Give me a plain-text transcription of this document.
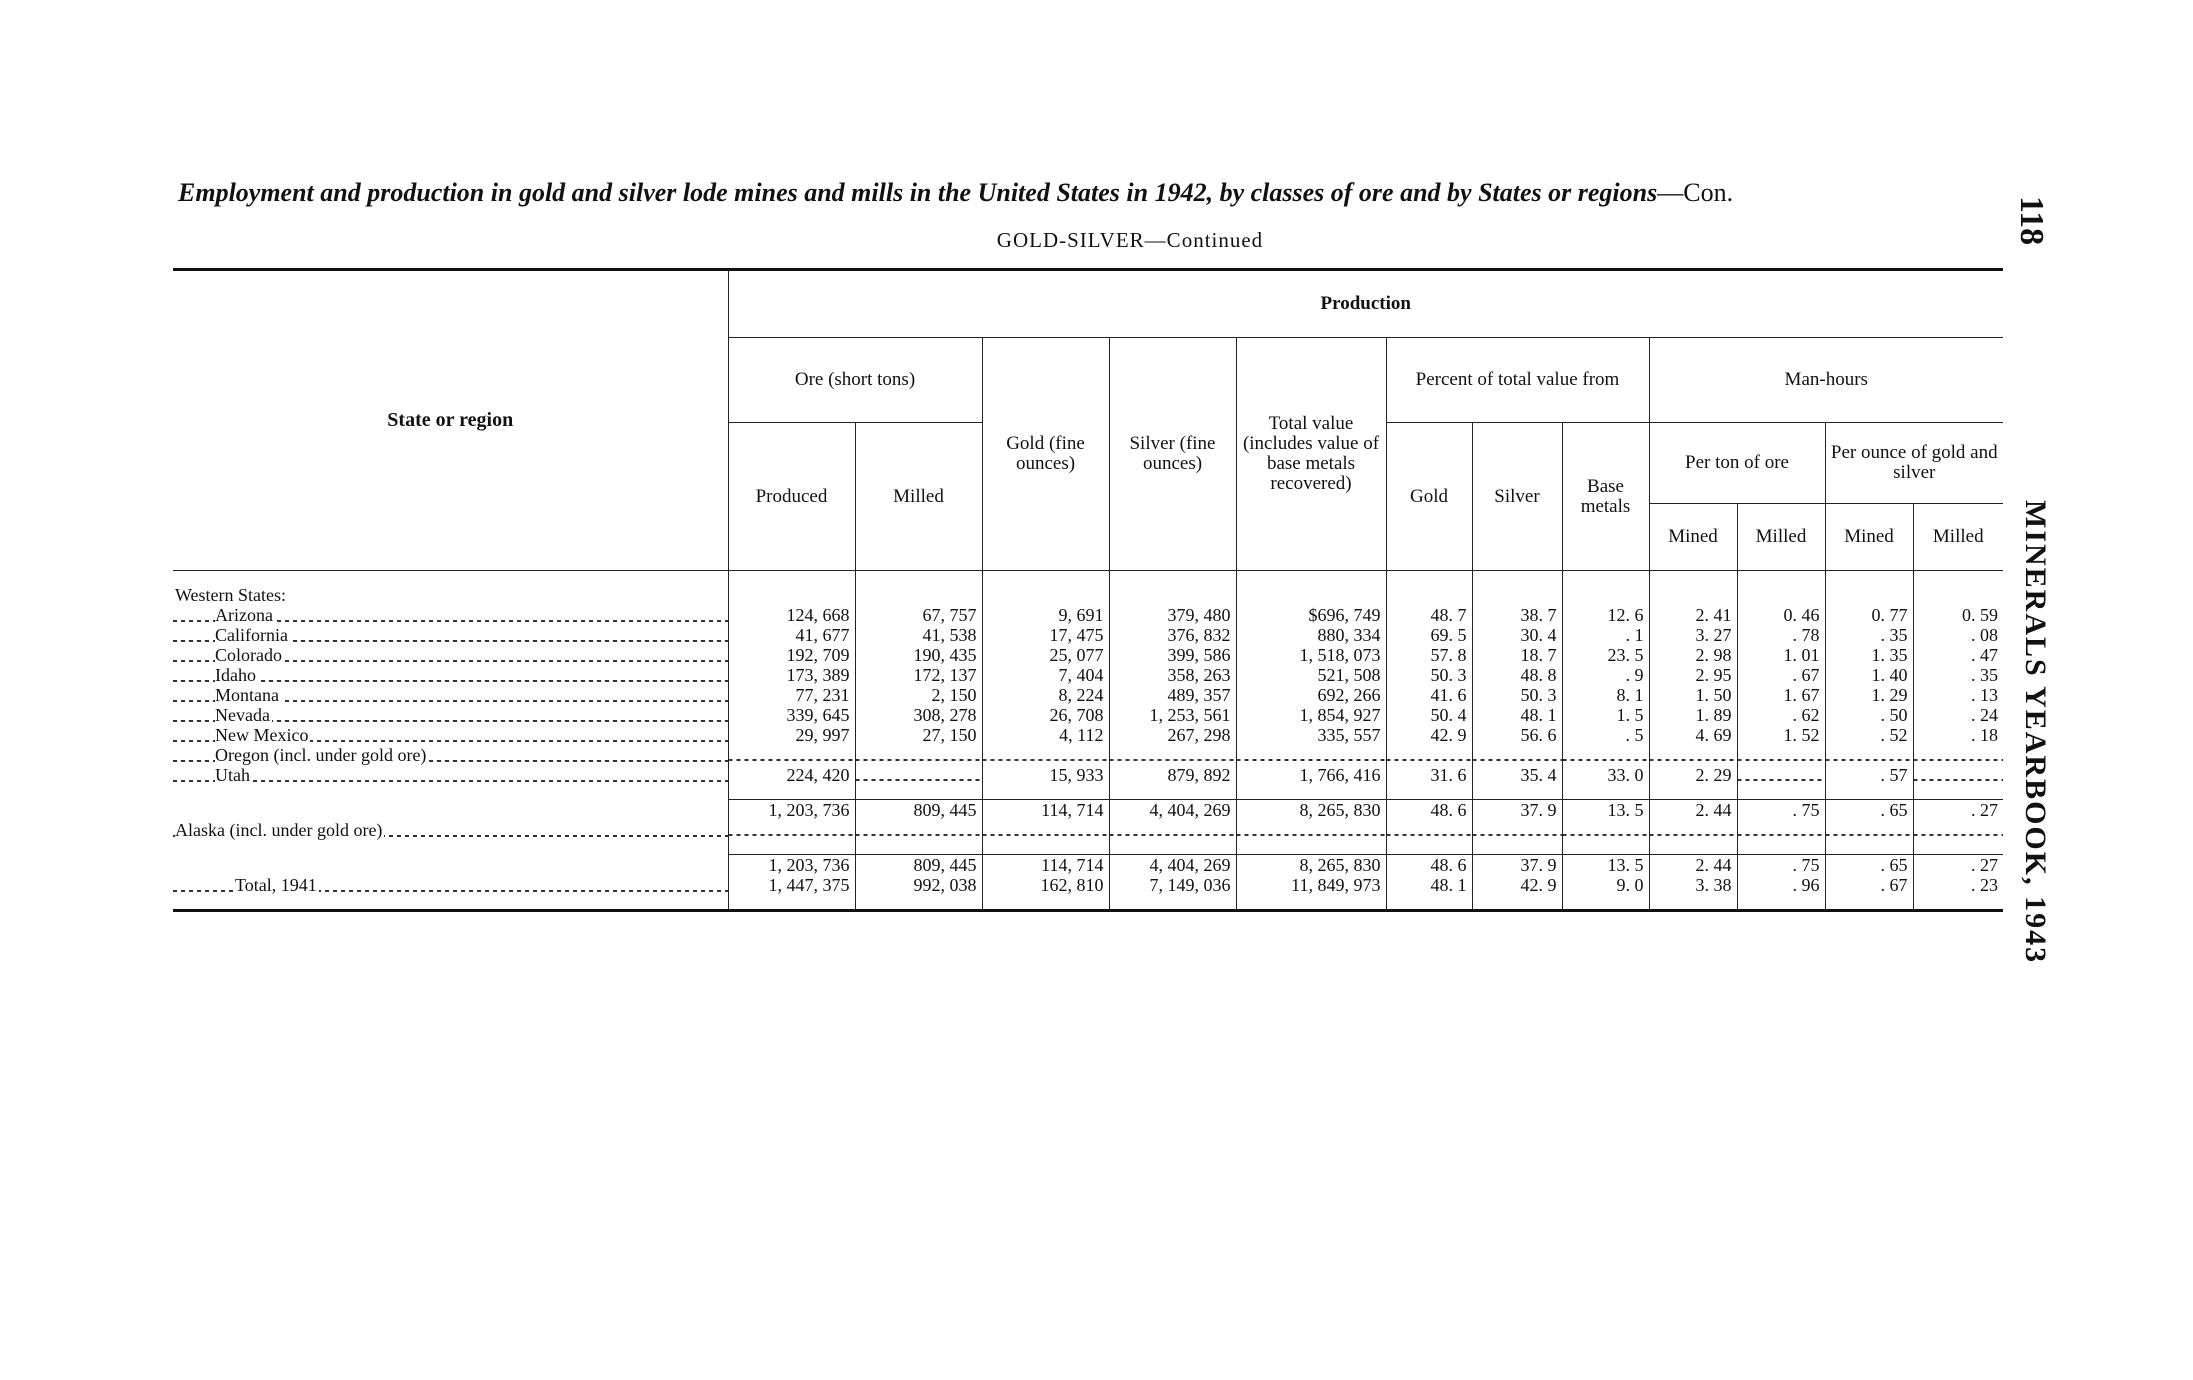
Employment and production in gold and silver lode mines and mills in the United States in 1942, by classes of ore and by States or regions—Con.
GOLD-SILVER—Continued	118
MINERALS YEARBOOK, 1943
State or region	Production											
	Ore (short tons)		Gold (fine ounces)	Silver (fine ounces)	Total value (includes value of base metals recovered)	Percent of total value from			Man-hours			
	Produced	Milled				Gold	Silver	Base metals	Per ton of ore		Per ounce of gold and silver	
									Mined	Milled	Mined	Milled

Western States:												
Arizona	124, 668	67, 757	9, 691	379, 480	$696, 749	48. 7	38. 7	12. 6	2. 41	0. 46	0. 77	0. 59
California	41, 677	41, 538	17, 475	376, 832	880, 334	69. 5	30. 4	. 1	3. 27	. 78	. 35	. 08
Colorado	192, 709	190, 435	25, 077	399, 586	1, 518, 073	57. 8	18. 7	23. 5	2. 98	1. 01	1. 35	. 47
Idaho	173, 389	172, 137	7, 404	358, 263	521, 508	50. 3	48. 8	. 9	2. 95	. 67	1. 40	. 35
Montana	77, 231	2, 150	8, 224	489, 357	692, 266	41. 6	50. 3	8. 1	1. 50	1. 67	1. 29	. 13
Nevada	339, 645	308, 278	26, 708	1, 253, 561	1, 854, 927	50. 4	48. 1	1. 5	1. 89	. 62	. 50	. 24
New Mexico	29, 997	27, 150	4, 112	267, 298	335, 557	42. 9	56. 6	. 5	4. 69	1. 52	. 52	. 18
Oregon (incl. under gold ore)												
Utah	224, 420		15, 933	879, 892	1, 766, 416	31. 6	35. 4	33. 0	2. 29		. 57	

	1, 203, 736	809, 445	114, 714	4, 404, 269	8, 265, 830	48. 6	37. 9	13. 5	2. 44	. 75	. 65	. 27
Alaska (incl. under gold ore)												

	1, 203, 736	809, 445	114, 714	4, 404, 269	8, 265, 830	48. 6	37. 9	13. 5	2. 44	. 75	. 65	. 27
Total, 1941	1, 447, 375	992, 038	162, 810	7, 149, 036	11, 849, 973	48. 1	42. 9	9. 0	3. 38	. 96	. 67	. 23
